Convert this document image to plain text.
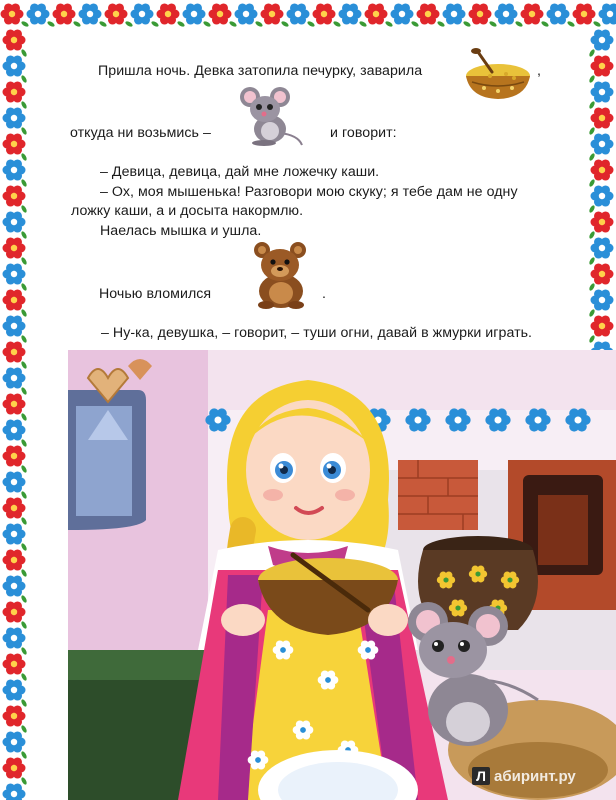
Пришла ночь. Девка затопила печурку, заварила	,
откуда ни возьмись –	и говорит:
– Девица, девица, дай мне ложечку каши.
– Ох, моя мышенька! Разговори мою скуку; я тебе дам не одну
ложку каши, а и досыта накормлю.
Наелась мышка и ушла.
Ночью вломился	.
– Ну-ка, девушка, – говорит, – туши огни, давай в жмурки играть.
Л абиринт.ру
